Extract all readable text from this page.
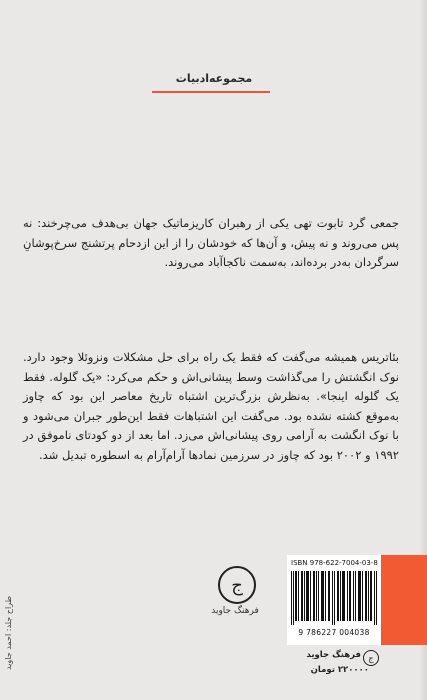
مجموعه‌ادبیات

جمعی گرد تابوت تهی یکی از رهبران کاریزماتیک جهان بی‌هدف می‌چرخند: نه پس می‌روند و نه پیش، و آن‌ها که خودشان را از این ازدحام پرتشنج سرخ‌پوشانِ سرگردان به‌در برده‌اند، به‌سمت ناکجاآباد می‌روند.

بئاتریس همیشه می‌گفت که فقط یک راه برای حل مشکلات ونزوئلا وجود دارد. نوک انگشتش را می‌گذاشت وسط پیشانی‌اش و حکم می‌کرد: «یک گلوله. فقط یک گلوله اینجا». به‌نظرش بزرگ‌ترین اشتباه تاریخ معاصر این بود که چاوز به‌موقع کشته نشده بود. می‌گفت این اشتباهات فقط این‌طور جبران می‌شود و با نوک انگشت به آرامی روی پیشانی‌اش می‌زد. اما بعد از دو کودتای ناموفق در ۱۹۹۲ و ۲۰۰۲ بود که چاوز در سرزمین نمادها آرام‌آرام به اسطوره تبدیل شد.

طراح جلد: احمد جاوید
ج
فرهنگ جاوید
ISBN 978-622-7004-03-8
9 786227 004038
ج
فرهنگ جاوید
۲۲۰۰۰۰ تومان
